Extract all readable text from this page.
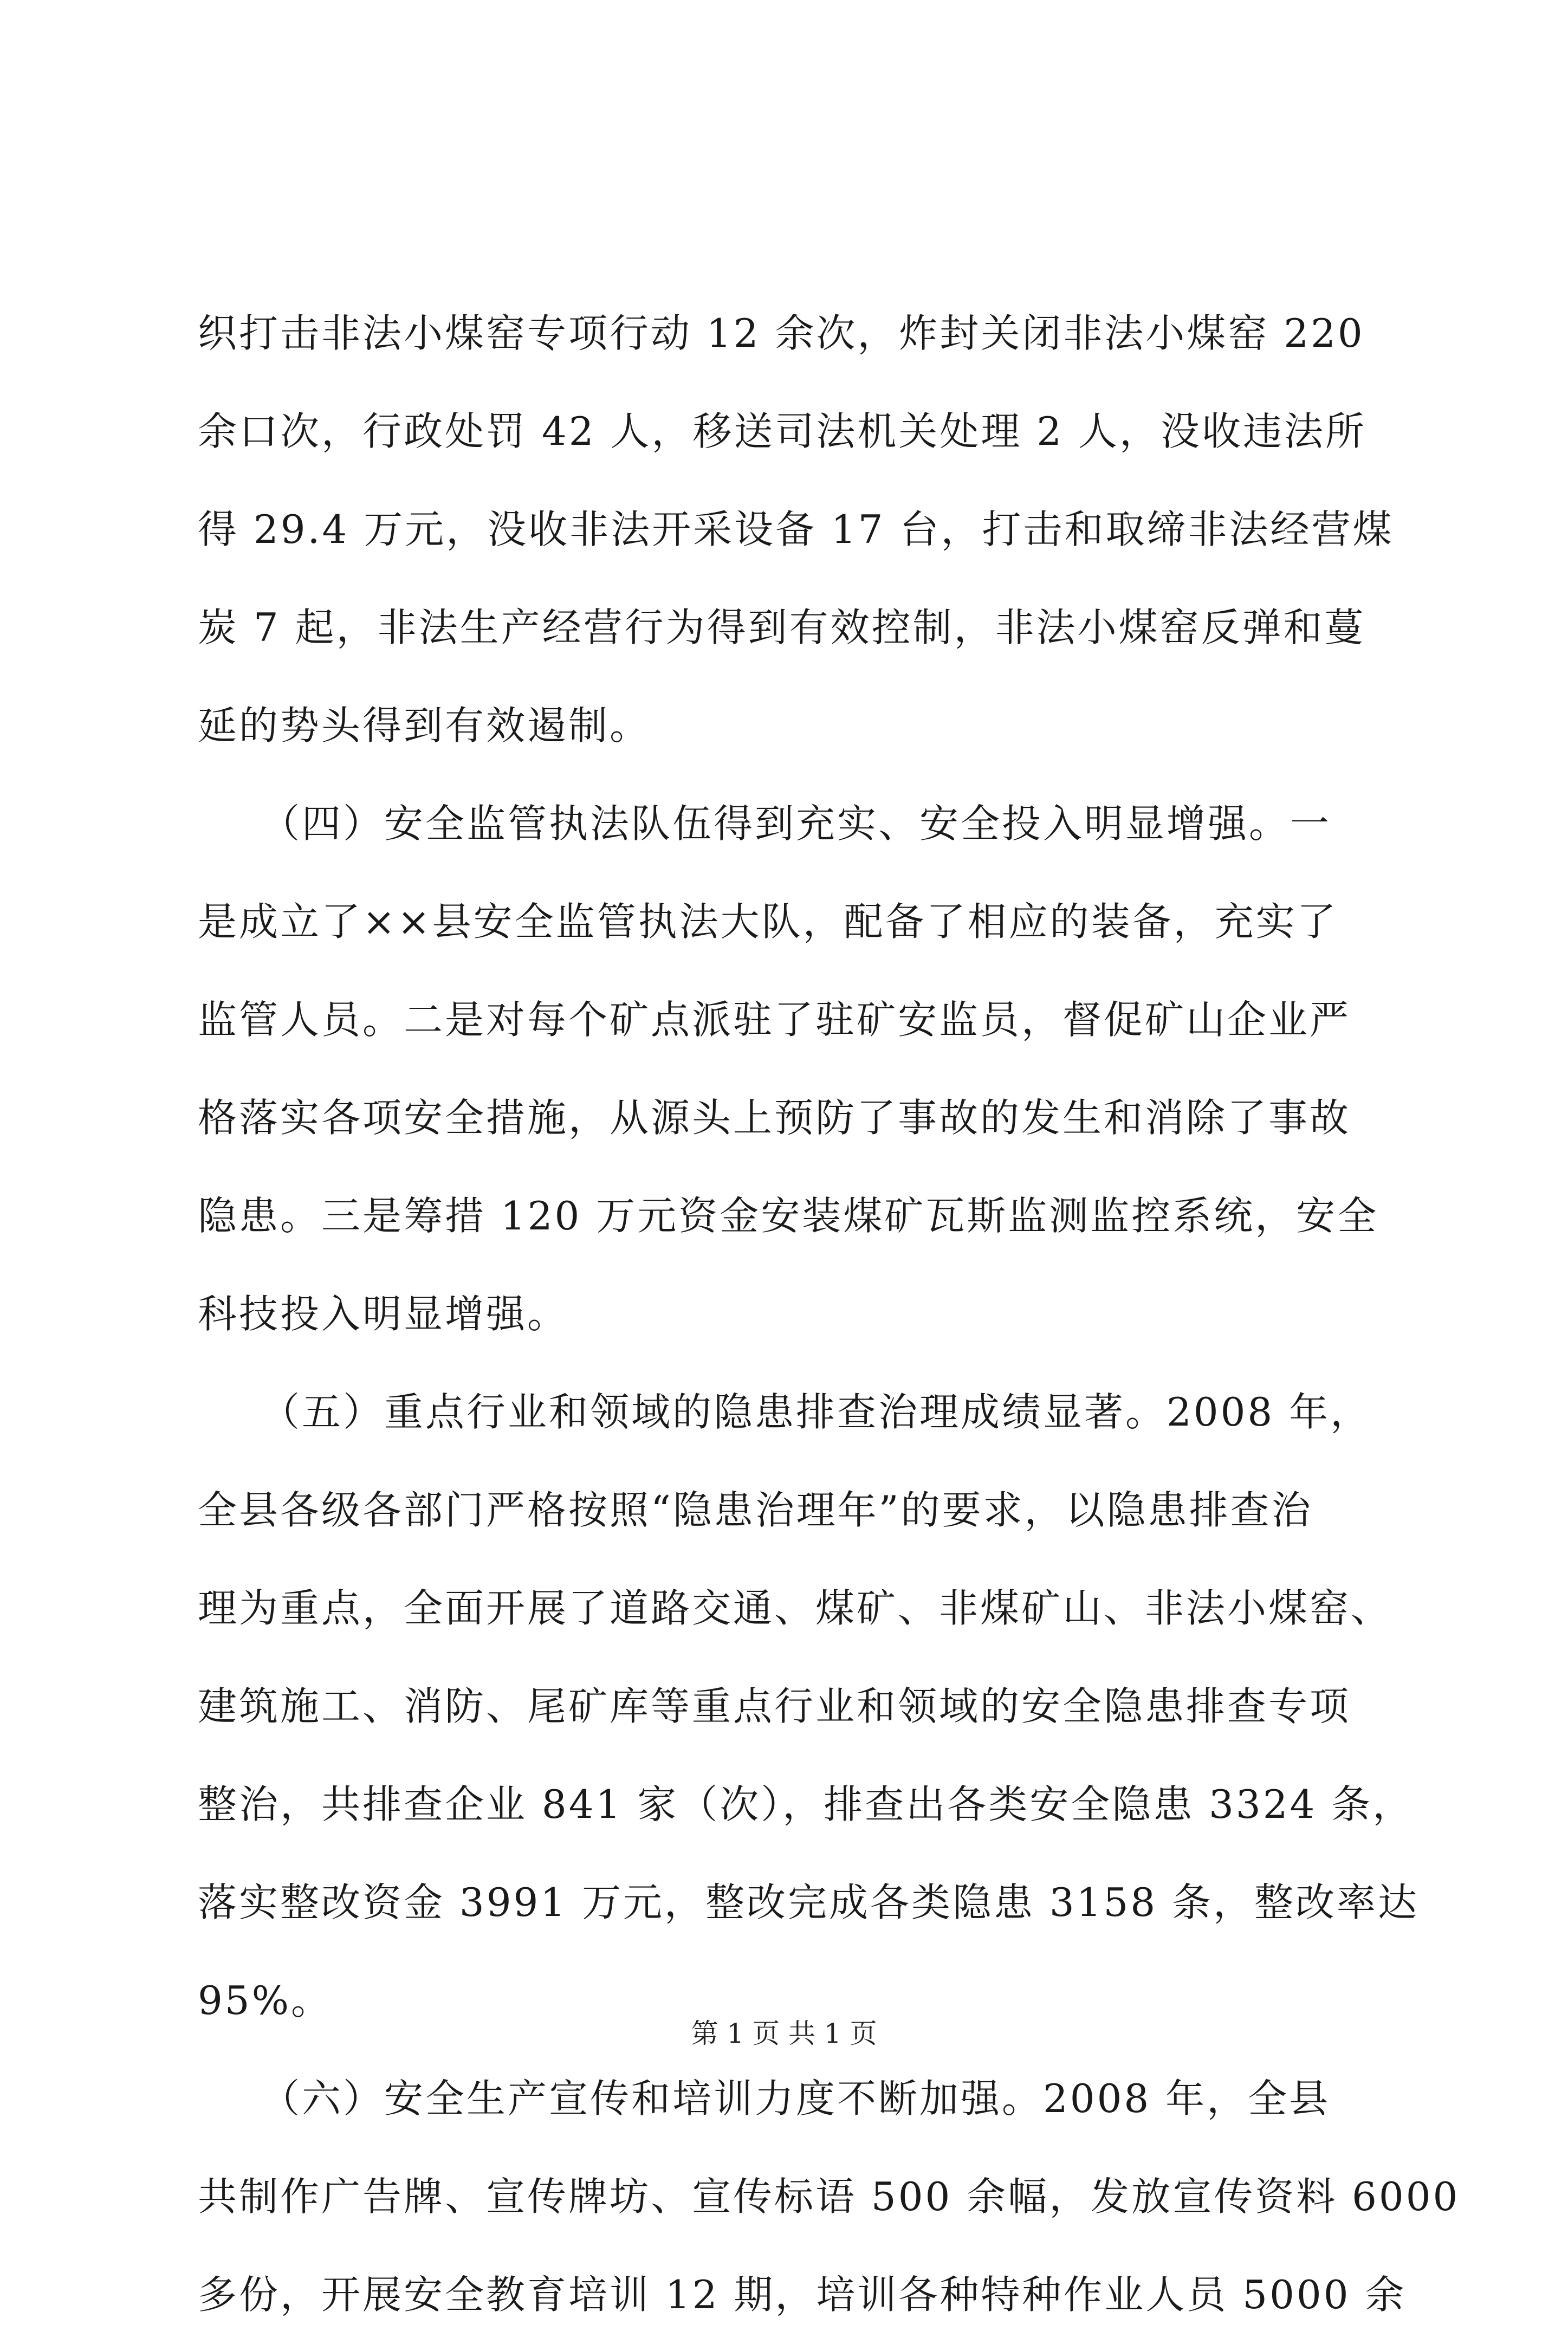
织打击非法小煤窑专项行动 12 余次，炸封关闭非法小煤窑 220
余口次，行政处罚 42 人，移送司法机关处理 2 人，没收违法所
得 29.4 万元，没收非法开采设备 17 台，打击和取缔非法经营煤
炭 7 起，非法生产经营行为得到有效控制，非法小煤窑反弹和蔓
延的势头得到有效遏制。
　　（四）安全监管执法队伍得到充实、安全投入明显增强。一
是成立了××县安全监管执法大队，配备了相应的装备，充实了
监管人员。二是对每个矿点派驻了驻矿安监员，督促矿山企业严
格落实各项安全措施，从源头上预防了事故的发生和消除了事故
隐患。三是筹措 120 万元资金安装煤矿瓦斯监测监控系统，安全
科技投入明显增强。
　　（五）重点行业和领域的隐患排查治理成绩显著。2008 年，
全县各级各部门严格按照“隐患治理年”的要求，以隐患排查治
理为重点，全面开展了道路交通、煤矿、非煤矿山、非法小煤窑、
建筑施工、消防、尾矿库等重点行业和领域的安全隐患排查专项
整治，共排查企业 841 家（次），排查出各类安全隐患 3324 条，
落实整改资金 3991 万元，整改完成各类隐患 3158 条，整改率达
95%。
　　（六）安全生产宣传和培训力度不断加强。2008 年，全县
共制作广告牌、宣传牌坊、宣传标语 500 余幅，发放宣传资料 6000
多份，开展安全教育培训 12 期，培训各种特种作业人员 5000 余
第 1 页 共 1 页
